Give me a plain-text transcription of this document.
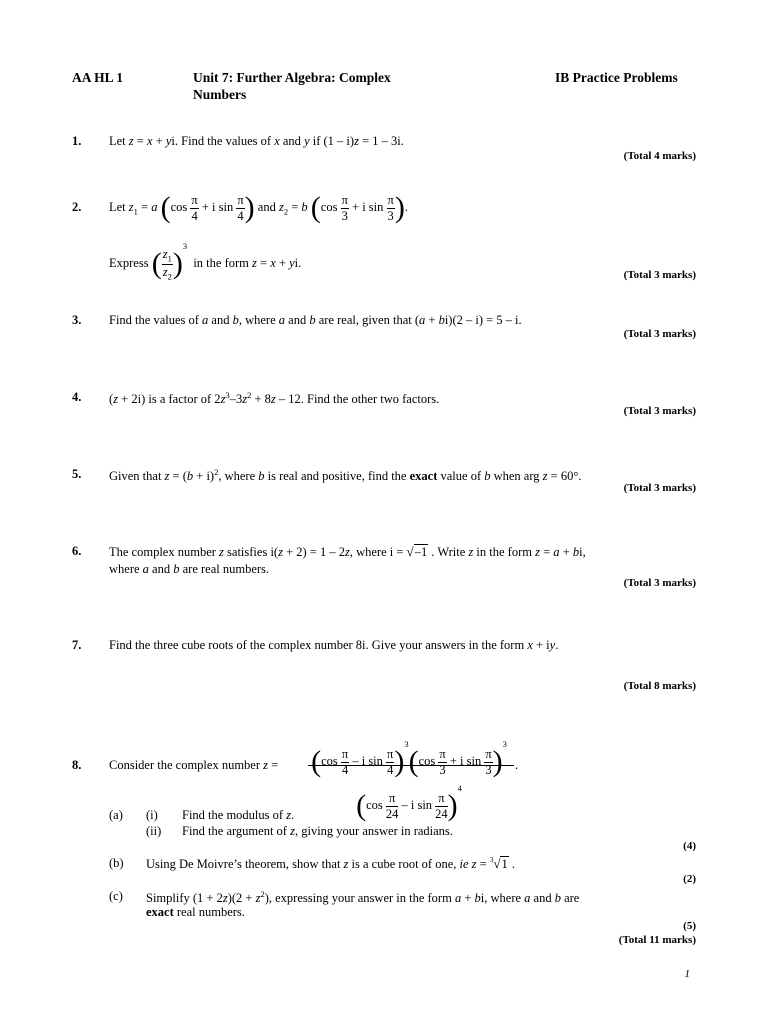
AA HL 1	Unit 7: Further Algebra: Complex
Numbers
IB Practice Problems
1. Let z = x + yi. Find the values of x and y if (1 – i)z = 1 – 3i.
(Total 4 marks)
2. Let $z_1 = a$ ($\cos \frac{\pi}{4} + i$ $\sin \frac{\pi}{4}$ ) and $z_2 = b$ ($\cos \frac{\pi}{3} + i$ $\sin \frac{\pi}{3}$ ).
Express ( $\frac{z_1}{z_2} )^3$  in the form z = x + yi.
(Total 3 marks)
3. Find the values of a and b, where a and b are real, given that (a + bi)(2 – i) = 5 – i.
(Total 3 marks)
4. (z + 2i) is a factor of $2z^3-3z^2 + 8z - 12$. Find the other two factors.
(Total 3 marks)
5. Given that $z = (b + i)^2$, where b is real and positive, find the exact value of b when arg z = 60°.
(Total 3 marks)
6. The complex number z satisfies i(z + 2) = 1 – 2z, where i = √–1 . Write z in the form z = a + bi,
where a and b are real numbers.
(Total 3 marks)
7. Find the three cube roots of the complex number 8i. Give your answers in the form x + iy.
(Total 8 marks)
8. Consider the complex number $z = (\cos \frac{\pi}{4} - i$ $\sin \frac{\pi}{4} )^3(\cos \frac{\pi}{3} + i$ $\sin \frac{\pi}{3} )^3$
($\cos \frac{\pi}{24}$ – i $\sin \frac{\pi}{24} )^4$
.
(a) (i) Find the modulus of z.
(ii) Find the argument of z, giving your answer in radians.
(4)
(b) Using De Moivre’s theorem, show that z is a cube root of one, ie z = $^3$√1 .
(2)
(c) Simplify $(1 + 2z)(2 + z^2)$, expressing your answer in the form a + bi, where a and b are
exact real numbers.
(5)
(Total 11 marks)
1
